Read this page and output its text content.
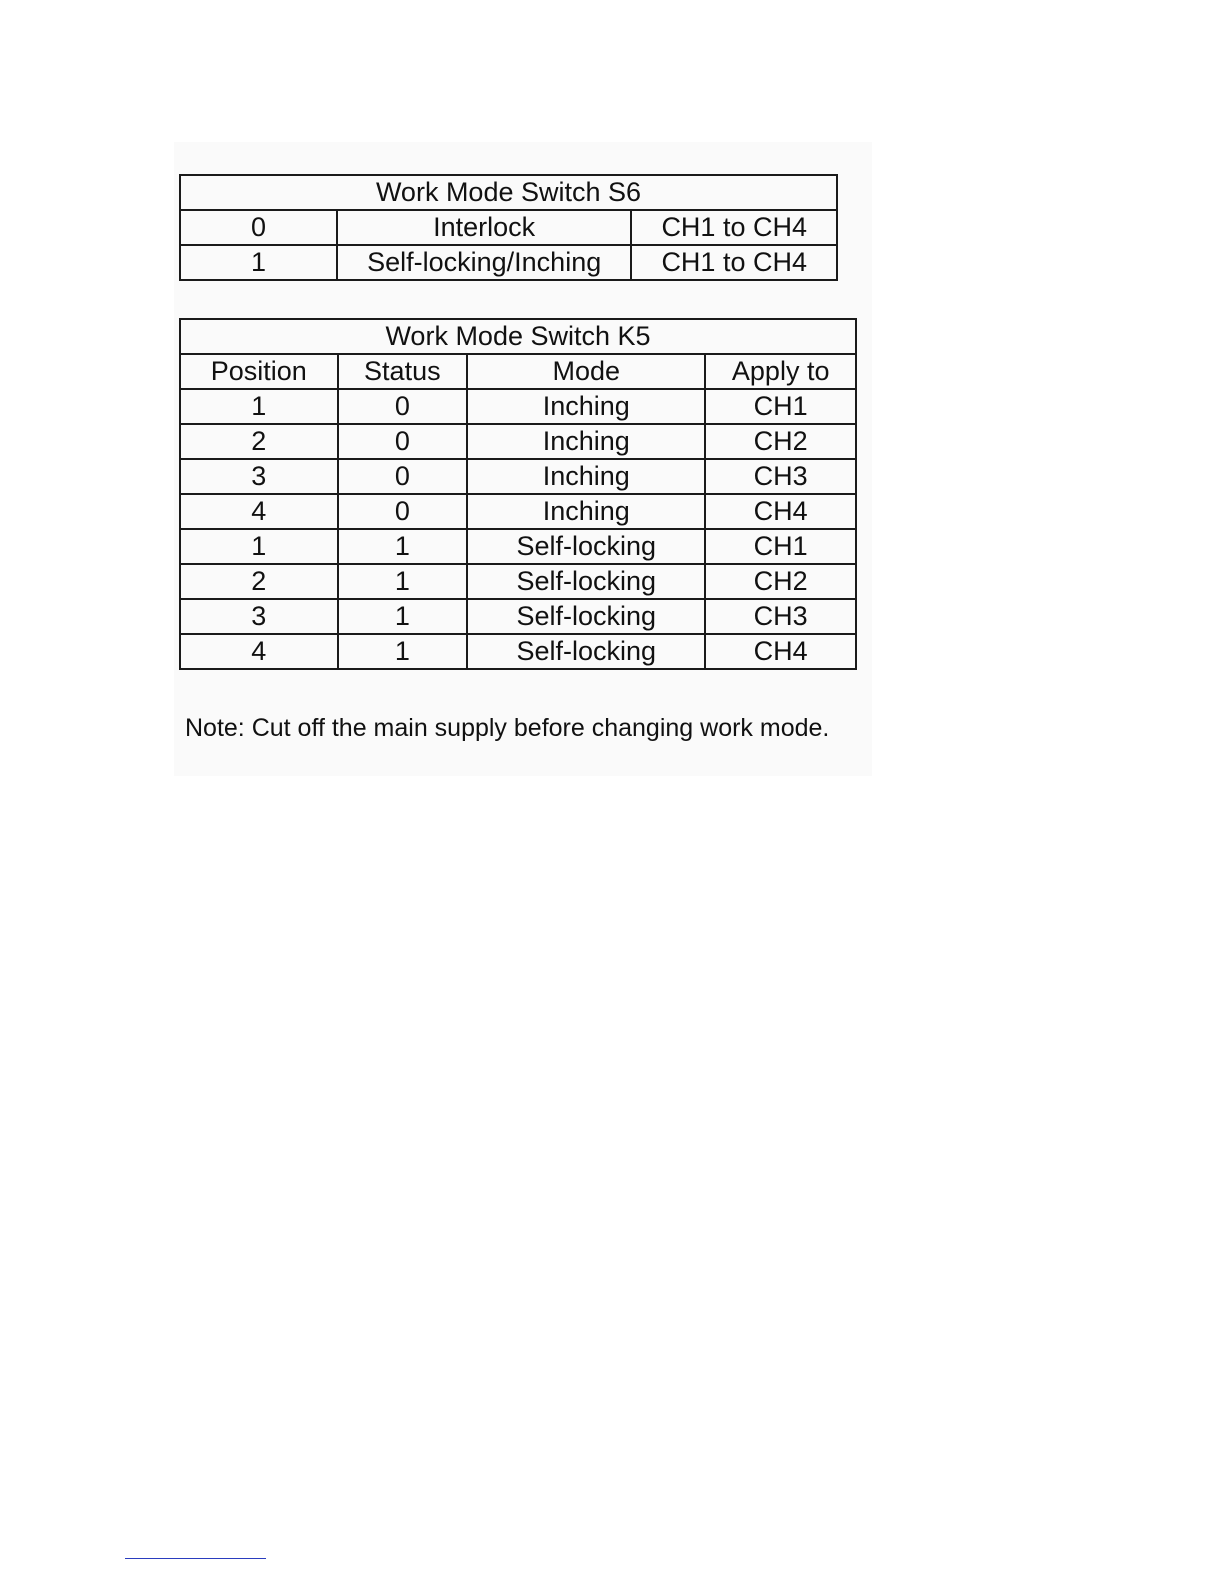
Work Mode Switch S6		
0	Interlock	CH1 to CH4
1	Self-locking/Inching	CH1 to CH4
Work Mode Switch K5			
Position	Status	Mode	Apply to
1	0	Inching	CH1
2	0	Inching	CH2
3	0	Inching	CH3
4	0	Inching	CH4
1	1	Self-locking	CH1
2	1	Self-locking	CH2
3	1	Self-locking	CH3
4	1	Self-locking	CH4
Note: Cut off the main supply before changing work mode.
